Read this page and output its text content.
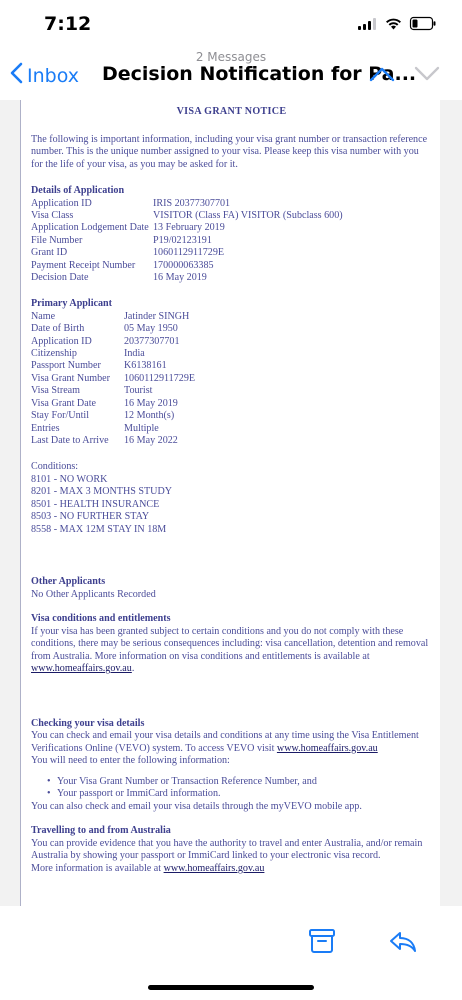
7:12
2 Messages
Inbox Decision Notification for Pa...
VISA GRANT NOTICE
The following is important information, including your visa grant number or transaction reference number. This is the unique number assigned to your visa. Please keep this visa number with you for the life of your visa, as you may be asked for it.
Details of Application
Application ID	IRIS 20377307701
Visa Class	VISITOR (Class FA) VISITOR (Subclass 600)
Application Lodgement Date	13 February 2019
File Number	P19/02123191
Grant ID	1060112911729E
Payment Receipt Number	170000063385
Decision Date	16 May 2019
Primary Applicant
Name	Jatinder SINGH
Date of Birth	05 May 1950
Application ID	20377307701
Citizenship	India
Passport Number	K6138161
Visa Grant Number	1060112911729E
Visa Stream	Tourist
Visa Grant Date	16 May 2019
Stay For/Until	12 Month(s)
Entries	Multiple
Last Date to Arrive	16 May 2022
Conditions:
8101 - NO WORK
8201 - MAX 3 MONTHS STUDY
8501 - HEALTH INSURANCE
8503 - NO FURTHER STAY
8558 - MAX 12M STAY IN 18M
Other Applicants
No Other Applicants Recorded
Visa conditions and entitlements
If your visa has been granted subject to certain conditions and you do not comply with these conditions, there may be serious consequences including: visa cancellation, detention and removal from Australia. More information on visa conditions and entitlements is available at www.homeaffairs.gov.au.
Checking your visa details
You can check and email your visa details and conditions at any time using the Visa Entitlement Verifications Online (VEVO) system. To access VEVO visit www.homeaffairs.gov.au
You will need to enter the following information:
• Your Visa Grant Number or Transaction Reference Number, and
• Your passport or ImmiCard information.
You can also check and email your visa details through the myVEVO mobile app.
Travelling to and from Australia
You can provide evidence that you have the authority to travel and enter Australia, and/or remain Australia by showing your passport or ImmiCard linked to your electronic visa record.
More information is available at www.homeaffairs.gov.au
